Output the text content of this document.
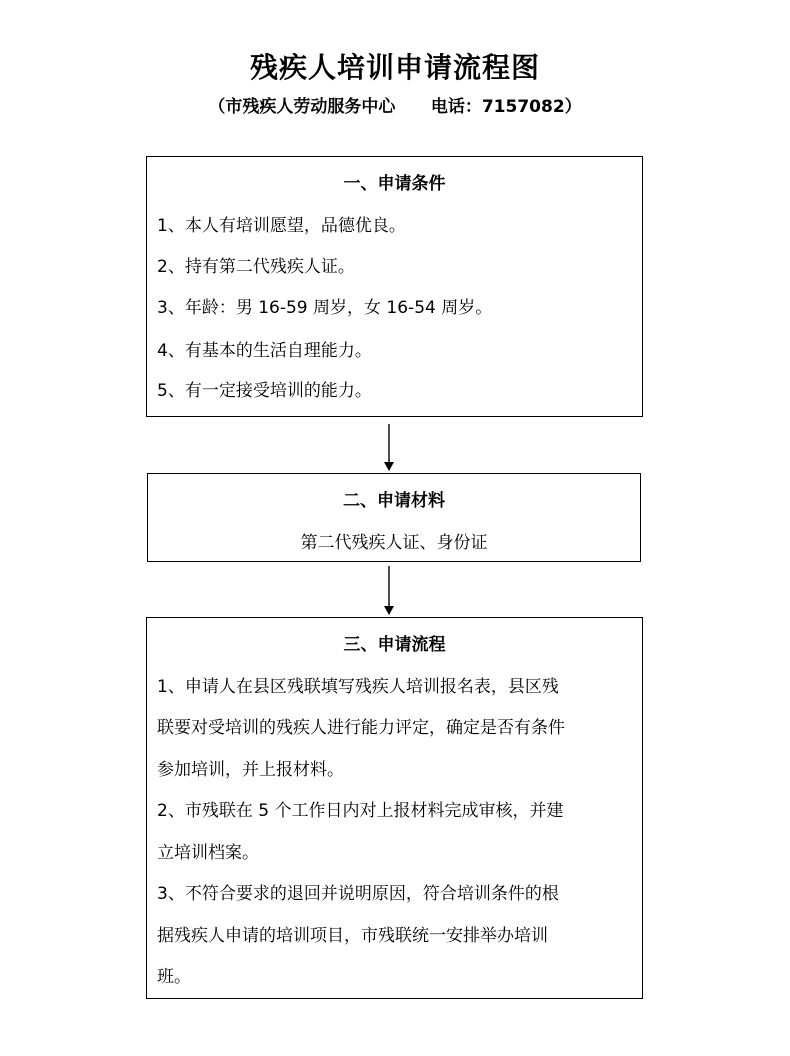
残疾人培训申请流程图
（市残疾人劳动服务中心      电话：7157082）
一、申请条件
1、本人有培训愿望，品德优良。
2、持有第二代残疾人证。
3、年龄：男 16-59 周岁，女 16-54 周岁。
4、有基本的生活自理能力。
5、有一定接受培训的能力。
二、申请材料
第二代残疾人证、身份证
三、申请流程
1、申请人在县区残联填写残疾人培训报名表，县区残
联要对受培训的残疾人进行能力评定，确定是否有条件
参加培训，并上报材料。
2、市残联在 5 个工作日内对上报材料完成审核，并建
立培训档案。
3、不符合要求的退回并说明原因，符合培训条件的根
据残疾人申请的培训项目，市残联统一安排举办培训
班。
